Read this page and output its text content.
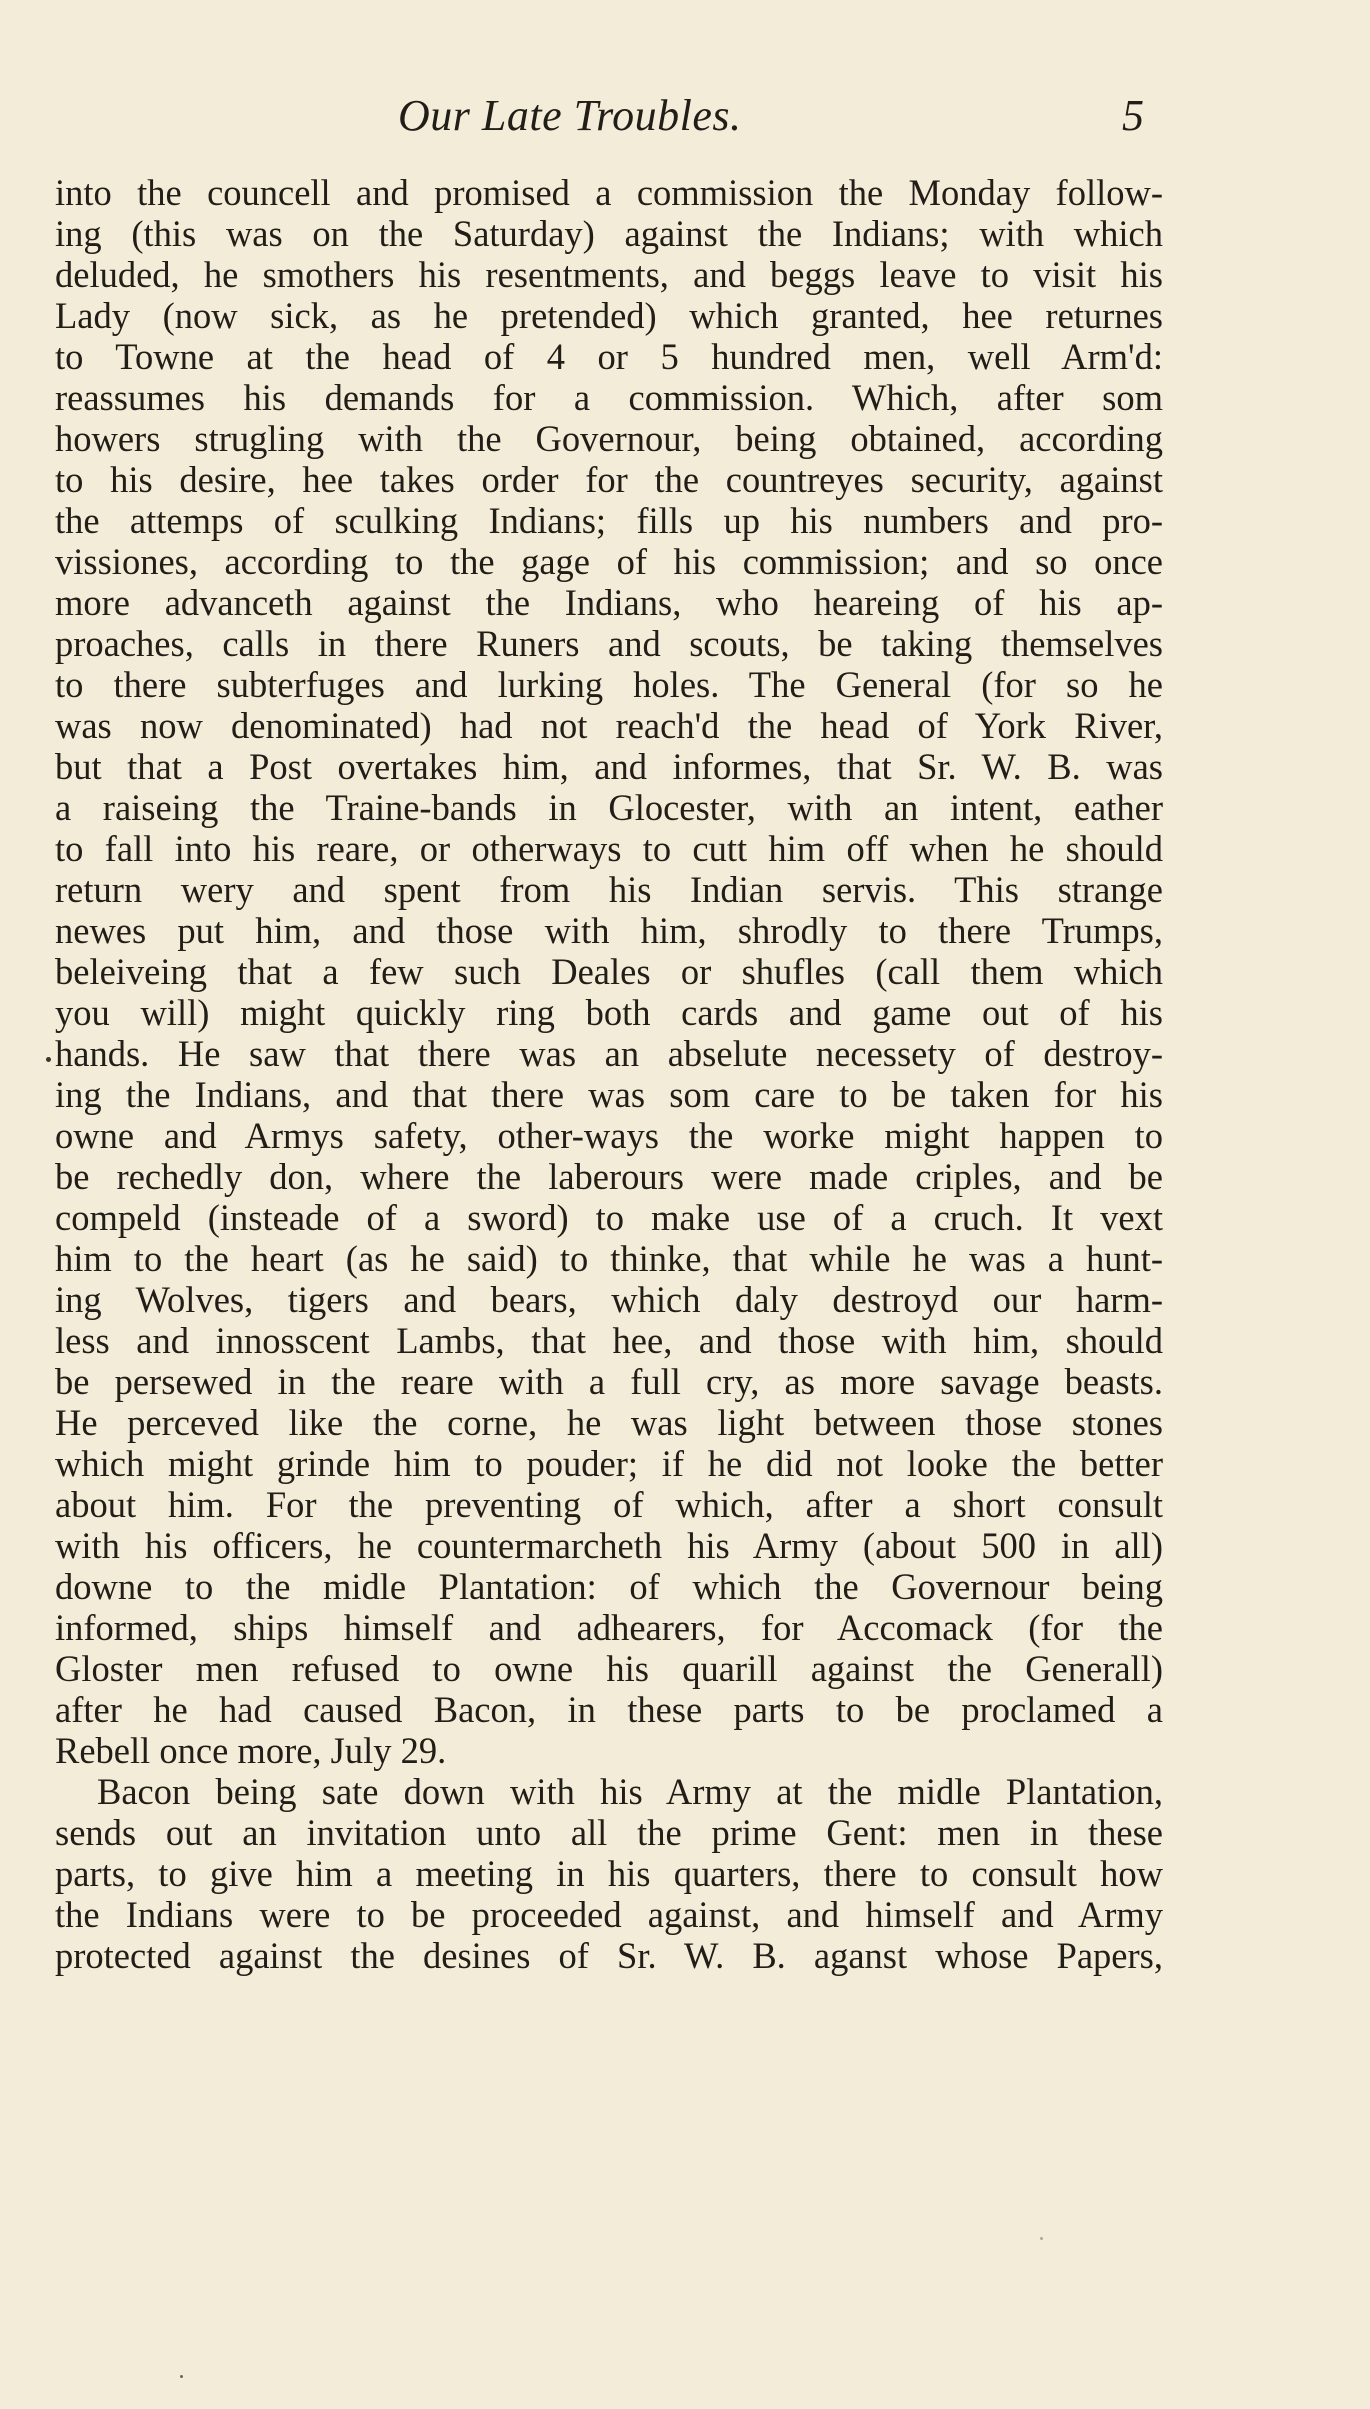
Our Late Troubles.	5
into the councell and promised a commission the Monday follow-
ing (this was on the Saturday) against the Indians; with which
deluded, he smothers his resentments, and beggs leave to visit his
Lady (now sick, as he pretended) which granted, hee returnes
to Towne at the head of 4 or 5 hundred men, well Arm'd:
reassumes his demands for a commission. Which, after som
howers strugling with the Governour, being obtained, according
to his desire, hee takes order for the countreyes security, against
the attemps of sculking Indians; fills up his numbers and pro-
vissiones, according to the gage of his commission; and so once
more advanceth against the Indians, who heareing of his ap-
proaches, calls in there Runers and scouts, be taking themselves
to there subterfuges and lurking holes. The General (for so he
was now denominated) had not reach'd the head of York River,
but that a Post overtakes him, and informes, that Sr. W. B. was
a raiseing the Traine-bands in Glocester, with an intent, eather
to fall into his reare, or otherways to cutt him off when he should
return wery and spent from his Indian servis. This strange
newes put him, and those with him, shrodly to there Trumps,
beleiveing that a few such Deales or shufles (call them which
you will) might quickly ring both cards and game out of his
hands. He saw that there was an abselute necessety of destroy-
ing the Indians, and that there was som care to be taken for his
owne and Armys safety, other-ways the worke might happen to
be rechedly don, where the laberours were made criples, and be
compeld (insteade of a sword) to make use of a cruch. It vext
him to the heart (as he said) to thinke, that while he was a hunt-
ing Wolves, tigers and bears, which daly destroyd our harm-
less and innosscent Lambs, that hee, and those with him, should
be persewed in the reare with a full cry, as more savage beasts.
He perceved like the corne, he was light between those stones
which might grinde him to pouder; if he did not looke the better
about him. For the preventing of which, after a short consult
with his officers, he countermarcheth his Army (about 500 in all)
downe to the midle Plantation: of which the Governour being
informed, ships himself and adhearers, for Accomack (for the
Gloster men refused to owne his quarill against the Generall)
after he had caused Bacon, in these parts to be proclamed a
Rebell once more, July 29.
Bacon being sate down with his Army at the midle Plantation,
sends out an invitation unto all the prime Gent: men in these
parts, to give him a meeting in his quarters, there to consult how
the Indians were to be proceeded against, and himself and Army
protected against the desines of Sr. W. B. aganst whose Papers,
